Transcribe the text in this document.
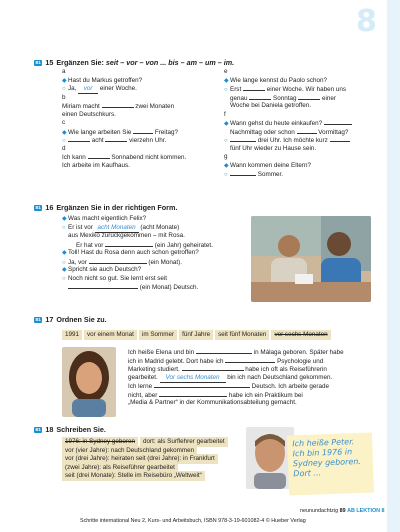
8
B1 15 Ergänzen Sie: seit – vor – von ... bis – am – um – im.
a
◆Hast du Markus getroffen?
○ Ja, vor einer Woche.
b
Miriam macht	zwei Monaten
einen Deutschkurs.
c
◆Wie lange arbeiten Sie	Freitag?
○	acht	vierzehn Uhr.
d
Ich kann	Sonnabend nicht kommen.
Ich arbeite im Kaufhaus.
e
◆Wie lange kennst du Paolo schon?
○ Erst	einer Woche. Wir haben uns
genau	Sonntag	einer
Woche bei Daniela getroffen.
f
◆Wann gehst du heute einkaufen?
Nachmittag oder schon	Vormittag?
○	drei Uhr. Ich möchte kurz
fünf Uhr wieder zu Hause sein.
g
◆Wann kommen deine Eltern?
○	Sommer.
B1 16 Ergänzen Sie in der richtigen Form.
◆Was macht eigentlich Felix?
○ Er ist vor acht Monaten (acht Monate)
aus Mexiko zurückgekommen – mit Rosa.
Er hat vor	(ein Jahr) geheiratet.
◆Toll! Hast du Rosa denn auch schon getroffen?
○ Ja, vor	(ein Monat).
◆Spricht sie auch Deutsch?
○ Noch nicht so gut. Sie lernt erst seit
(ein Monat) Deutsch.
B1 17 Ordnen Sie zu.
1991 vor einem Monat im Sommer fünf Jahre seit fünf Monaten vor sechs Monaten
Ich heiße Elena und bin	in Málaga geboren. Später habe
ich in Madrid gelebt. Dort habe ich	Psychologie und
Marketing studiert.	habe ich oft als Reiseführerin
gearbeitet. Vor sechs Monaten bin ich nach Deutschland gekommen.
Ich lerne	Deutsch. Ich arbeite gerade
nicht, aber	habe ich ein Praktikum bei
„Media & Partner“ in der Kommunikationsabteilung gemacht.
B1 18 Schreiben Sie.
1976: in Sydney geboren dort: als Surflehrer gearbeitet
vor (vier Jahre): nach Deutschland gekommen
vor (drei Jahre): heiraten seit (drei Jahre): in Frankfurt
(zwei Jahre): als Reiseführer gearbeitet
seit (drei Monate): Stelle im Reisebüro „Weltweit“
Ich heiße Peter. Ich bin 1976 in Sydney geboren. Dort ...
neunundachtzig 89 AB LEKTION 8
Schritte international Neu 2, Kurs- und Arbeitsbuch, ISBN 978-3-19-601082-4 © Hueber Verlag
